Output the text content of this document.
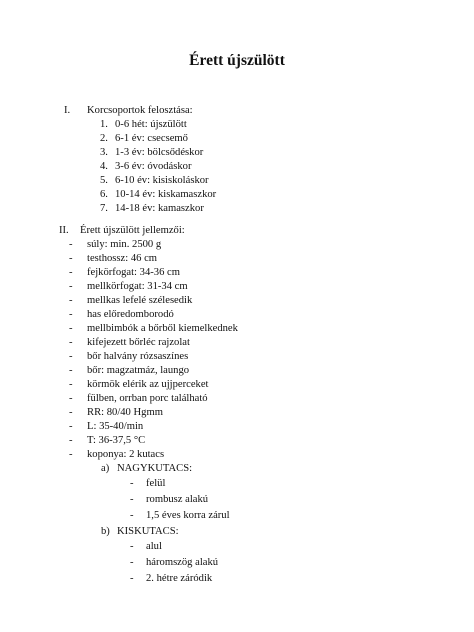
Érett újszülött
I. Korcsoportok felosztása:
1. 0-6 hét: újszülött
2. 6-1 év: csecsemő
3. 1-3 év: bölcsődéskor
4. 3-6 év: óvodáskor
5. 6-10 év: kisiskoláskor
6. 10-14 év: kiskamaszkor
7. 14-18 év: kamaszkor
II. Érett újszülött jellemzői:
- súly: min. 2500 g
- testhossz: 46 cm
- fejkörfogat: 34-36 cm
- mellkörfogat: 31-34 cm
- mellkas lefelé szélesedik
- has előredomborodó
- mellbimbók a bőrből kiemelkednek
- kifejezett bőrléc rajzolat
- bőr halvány rózsaszínes
- bőr: magzatmáz, laungo
- körmök elérik az ujjperceket
- fülben, orrban porc található
- RR: 80/40 Hgmm
- L: 35-40/min
- T: 36-37,5 °C
- koponya: 2 kutacs
a) NAGYKUTACS:
- felül
- rombusz alakú
- 1,5 éves korra zárul
b) KISKUTACS:
- alul
- háromszög alakú
- 2. hétre záródik
